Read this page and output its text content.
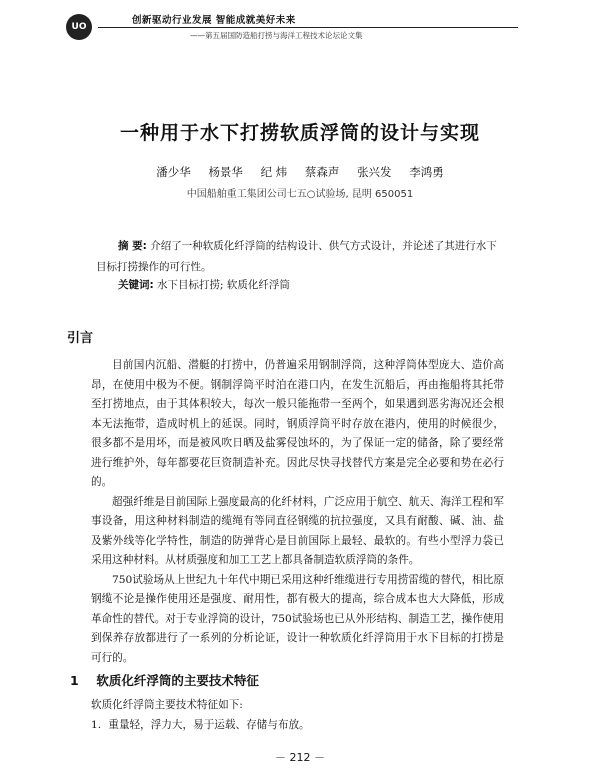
UO
创新驱动行业发展 智能成就美好未来
——第五届国防造船打捞与海洋工程技术论坛论文集
一种用于水下打捞软质浮筒的设计与实现
潘少华 杨景华 纪 炜 蔡森声 张兴发 李鸿勇
中国船舶重工集团公司七五○试验场, 昆明 650051
摘 要: 介绍了一种软质化纤浮筒的结构设计、供气方式设计，并论述了其进行水下目标打捞操作的可行性。
关键词: 水下目标打捞; 软质化纤浮筒
引言

目前国内沉船、潜艇的打捞中，仍普遍采用钢制浮筒，这种浮筒体型庞大、造价高昂，在使用中极为不便。钢制浮筒平时泊在港口内，在发生沉船后，再由拖船将其托带至打捞地点，由于其体积较大，每次一般只能拖带一至两个，如果遇到恶劣海况还会根本无法拖带，造成时机上的延误。同时，钢质浮筒平时存放在港内，使用的时候很少，很多都不是用坏，而是被风吹日晒及盐雾侵蚀坏的，为了保证一定的储备，除了要经常进行维护外，每年都要花巨资制造补充。因此尽快寻找替代方案是完全必要和势在必行的。

超强纤维是目前国际上强度最高的化纤材料，广泛应用于航空、航天、海洋工程和军事设备，用这种材料制造的缆绳有等同直径钢缆的抗拉强度，又具有耐酸、碱、油、盐及紫外线等化学特性，制造的防弹背心是目前国际上最轻、最软的。有些小型浮力袋已采用这种材料。从材质强度和加工工艺上都具备制造软质浮筒的条件。

750试验场从上世纪九十年代中期已采用这种纤维缆进行专用捞雷缆的替代，相比原钢缆不论是操作使用还是强度、耐用性，都有极大的提高，综合成本也大大降低，形成革命性的替代。对于专业浮筒的设计，750试验场也已从外形结构、制造工艺，操作使用到保养存放都进行了一系列的分析论证，设计一种软质化纤浮筒用于水下目标的打捞是可行的。

1 软质化纤浮筒的主要技术特征
软质化纤浮筒主要技术特征如下:
1. 重量轻，浮力大，易于运载、存储与布放。
－ 212 －
